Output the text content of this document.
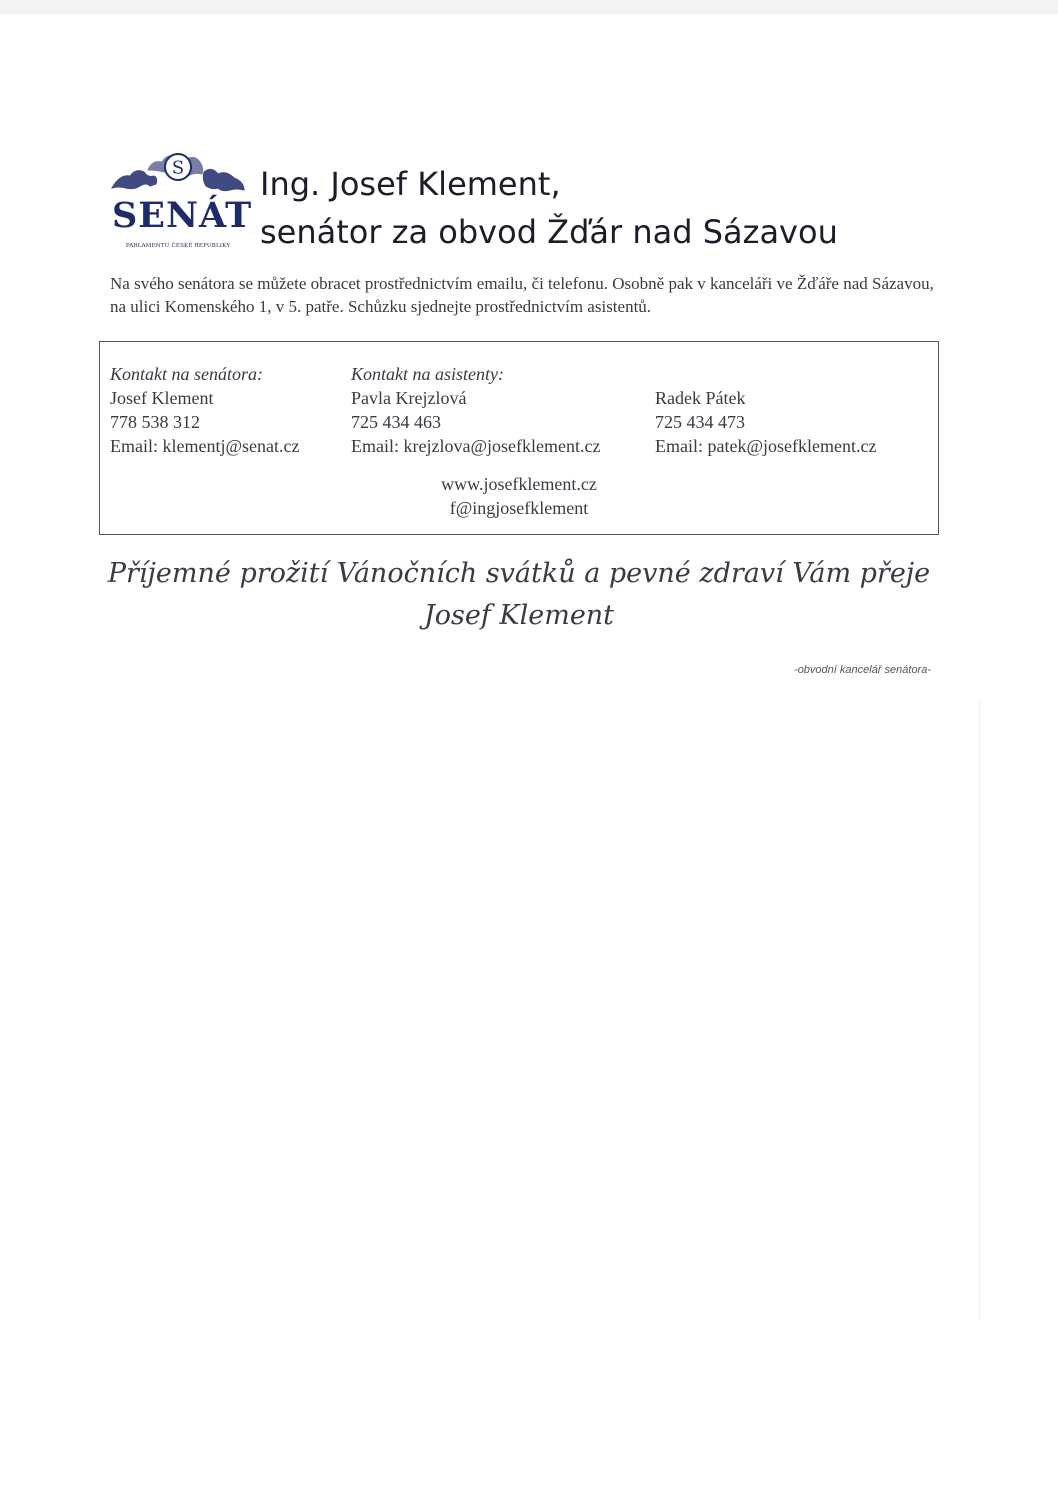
S
SENÁT
PARLAMENTU ČESKÉ REPUBLIKY
Ing. Josef Klement,
senátor za obvod Žďár nad Sázavou
Na svého senátora se můžete obracet prostřednictvím emailu, či telefonu. Osobně pak v kanceláři ve Žďáře nad Sázavou, na ulici Komenského 1, v 5. patře. Schůzku sjednejte prostřednictvím asistentů.
Kontakt na senátora:
Josef Klement
778 538 312
Email: klementj@senat.cz
Kontakt na asistenty:
Pavla Krejzlová
725 434 463
Email: krejzlova@josefklement.cz
Radek Pátek
725 434 473
Email: patek@josefklement.cz
www.josefklement.cz
f@ingjosefklement
Příjemné prožití Vánočních svátků a pevné zdraví Vám přeje
Josef Klement
-obvodní kancelář senátora-
